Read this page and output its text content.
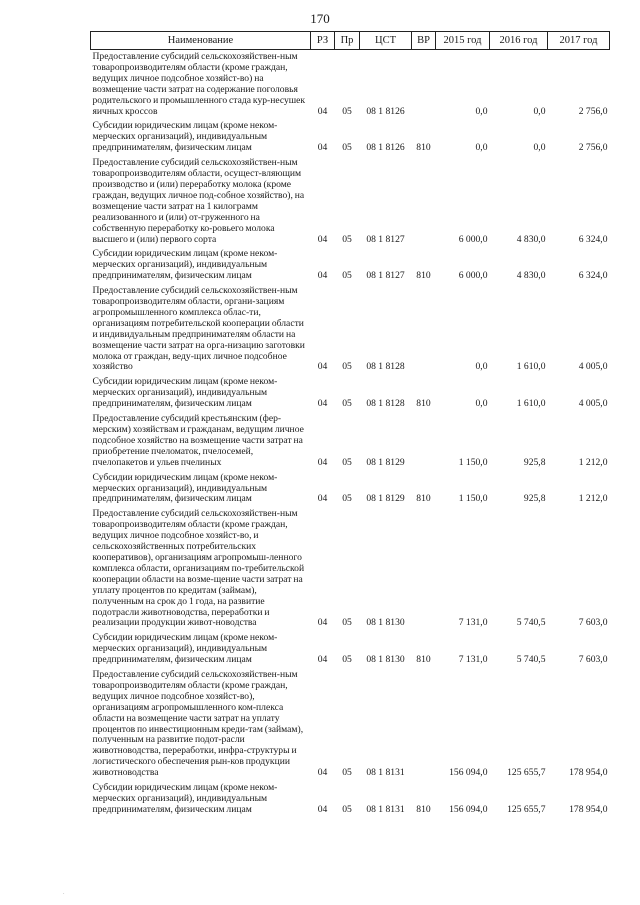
170
Наименование	РЗ	Пр	ЦСТ	ВР	2015 год	2016 год	2017 год
Предоставление субсидий сельскохозяйствен-ным товаропроизводителям области (кроме граждан, ведущих личное подсобное хозяйст-во) на возмещение части затрат на содержание поголовья родительского и промышленного стада кур-несушек яичных кроссов	04	05	08 1 8126		0,0	0,0	2 756,0
Субсидии юридическим лицам (кроме неком-мерческих организаций), индивидуальным предпринимателям, физическим лицам	04	05	08 1 8126	810	0,0	0,0	2 756,0
Предоставление субсидий сельскохозяйствен-ным товаропроизводителям области, осущест-вляющим производство и (или) переработку молока (кроме граждан, ведущих личное под-собное хозяйство), на возмещение части затрат на 1 килограмм реализованного и (или) от-груженного на собственную переработку ко-ровьего молока высшего и (или) первого сорта	04	05	08 1 8127		6 000,0	4 830,0	6 324,0
Субсидии юридическим лицам (кроме неком-мерческих организаций), индивидуальным предпринимателям, физическим лицам	04	05	08 1 8127	810	6 000,0	4 830,0	6 324,0
Предоставление субсидий сельскохозяйствен-ным товаропроизводителям области, органи-зациям агропромышленного комплекса облас-ти, организациям потребительской кооперации области и индивидуальным предпринимателям области на возмещение части затрат на орга-низацию заготовки молока от граждан, веду-щих личное подсобное хозяйство	04	05	08 1 8128		0,0	1 610,0	4 005,0
Субсидии юридическим лицам (кроме неком-мерческих организаций), индивидуальным предпринимателям, физическим лицам	04	05	08 1 8128	810	0,0	1 610,0	4 005,0
Предоставление субсидий крестьянским (фер-мерским) хозяйствам и гражданам, ведущим личное подсобное хозяйство на возмещение части затрат на приобретение пчеломаток, пчелосемей, пчелопакетов и ульев пчелиных	04	05	08 1 8129		1 150,0	925,8	1 212,0
Субсидии юридическим лицам (кроме неком-мерческих организаций), индивидуальным предпринимателям, физическим лицам	04	05	08 1 8129	810	1 150,0	925,8	1 212,0
Предоставление субсидий сельскохозяйствен-ным товаропроизводителям области (кроме граждан, ведущих личное подсобное хозяйст-во, и сельскохозяйственных потребительских кооперативов), организациям агропромыш-ленного комплекса области, организациям по-требительской кооперации области на возме-щение части затрат на уплату процентов по кредитам (займам), полученным на срок до 1 года, на развитие подотрасли животноводства, переработки и реализации продукции живот-новодства	04	05	08 1 8130		7 131,0	5 740,5	7 603,0
Субсидии юридическим лицам (кроме неком-мерческих организаций), индивидуальным предпринимателям, физическим лицам	04	05	08 1 8130	810	7 131,0	5 740,5	7 603,0
Предоставление субсидий сельскохозяйствен-ным товаропроизводителям области (кроме граждан, ведущих личное подсобное хозяйст-во), организациям агропромышленного ком-плекса области на возмещение части затрат на уплату процентов по инвестиционным креди-там (займам), полученным на развитие подот-расли животноводства, переработки, инфра-структуры и логистического обеспечения рын-ков продукции животноводства	04	05	08 1 8131		156 094,0	125 655,7	178 954,0
Субсидии юридическим лицам (кроме неком-мерческих организаций), индивидуальным предпринимателям, физическим лицам	04	05	08 1 8131	810	156 094,0	125 655,7	178 954,0
.
